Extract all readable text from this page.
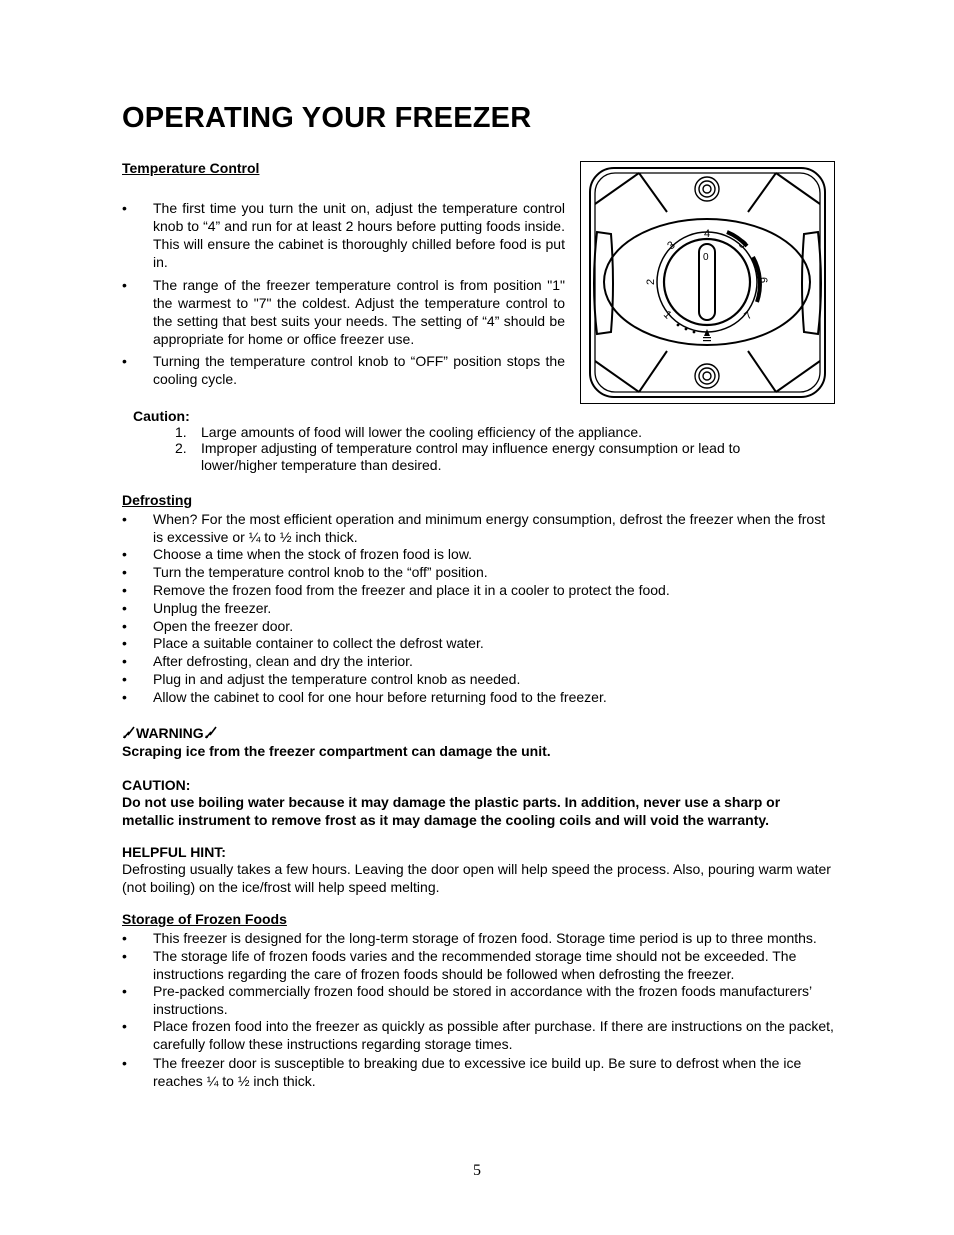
OPERATING YOUR FREEZER
Temperature Control
• The first time you turn the unit on, adjust the temperature control knob to “4” and run for at least 2 hours before putting foods inside. This will ensure the cabinet is thoroughly chilled before food is put in.
• The range of the freezer temperature control is from position "1" the warmest to "7" the coldest. Adjust the temperature control to the setting that best suits your needs. The setting of “4” should be appropriate for home or office freezer use.
• Turning the temperature control knob to “OFF” position stops the cooling cycle.
1
2
3
4
5
6
7
0
Caution:
1. Large amounts of food will lower the cooling efficiency of the appliance.
2. Improper adjusting of temperature control may influence energy consumption or lead to lower/higher temperature than desired.
Defrosting
• When? For the most efficient operation and minimum energy consumption, defrost the freezer when the frost is excessive or ¼ to ½ inch thick.
• Choose a time when the stock of frozen food is low.
• Turn the temperature control knob to the “off” position.
• Remove the frozen food from the freezer and place it in a cooler to protect the food.
• Unplug the freezer.
• Open the freezer door.
• Place a suitable container to collect the defrost water.
• After defrosting, clean and dry the interior.
• Plug in and adjust the temperature control knob as needed.
• Allow the cabinet to cool for one hour before returning food to the freezer.
WARNING
Scraping ice from the freezer compartment can damage the unit.
CAUTION:
Do not use boiling water because it may damage the plastic parts. In addition, never use a sharp or metallic instrument to remove frost as it may damage the cooling coils and will void the warranty.
HELPFUL HINT:
Defrosting usually takes a few hours. Leaving the door open will help speed the process. Also, pouring warm water (not boiling) on the ice/frost will help speed melting.
Storage of Frozen Foods
• This freezer is designed for the long-term storage of frozen food. Storage time period is up to three months.
• The storage life of frozen foods varies and the recommended storage time should not be exceeded. The instructions regarding the care of frozen foods should be followed when defrosting the freezer.
• Pre-packed commercially frozen food should be stored in accordance with the frozen foods manufacturers’ instructions.
• Place frozen food into the freezer as quickly as possible after purchase. If there are instructions on the packet, carefully follow these instructions regarding storage times.
• The freezer door is susceptible to breaking due to excessive ice build up. Be sure to defrost when the ice reaches ¼ to ½ inch thick.
5
